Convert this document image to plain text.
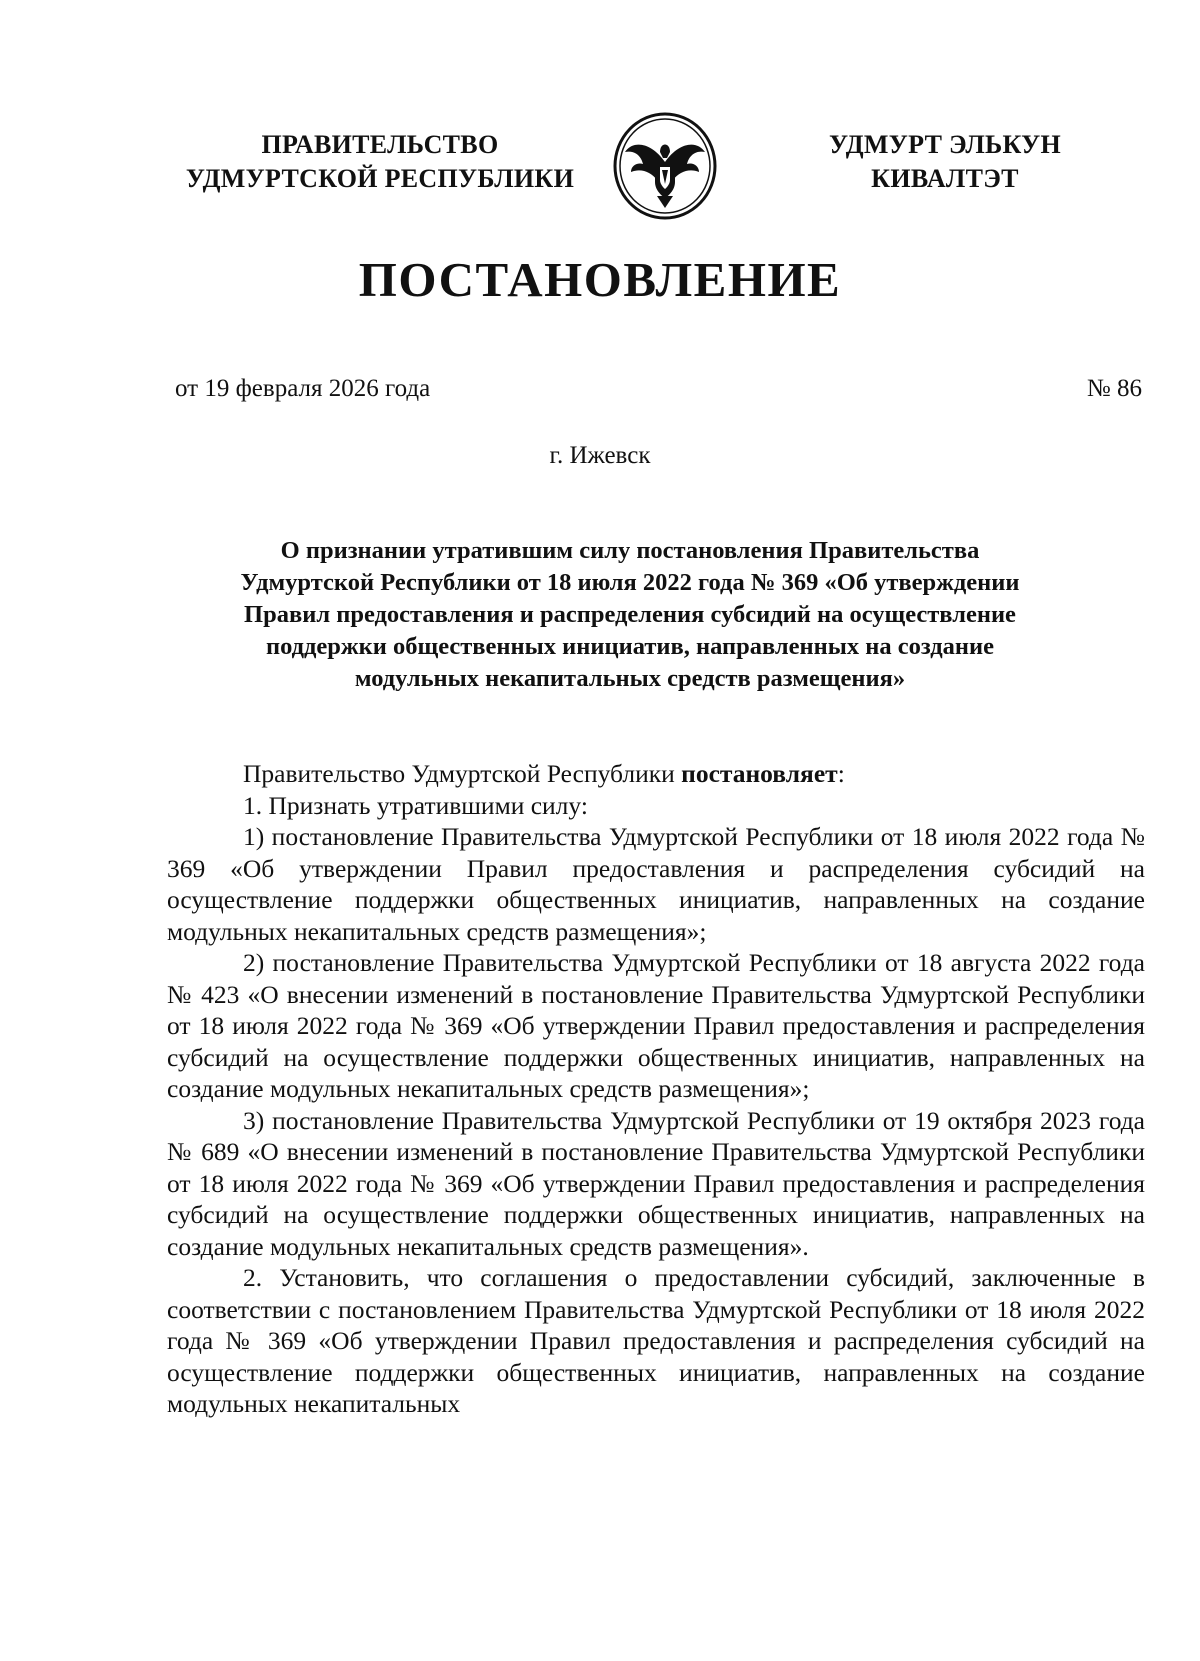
ПРАВИТЕЛЬСТВО
УДМУРТСКОЙ РЕСПУБЛИКИ
УДМУРТ ЭЛЬКУН
КИВАЛТЭТ
ПОСТАНОВЛЕНИЕ
от 19 февраля 2026 года	№ 86
г. Ижевск
О признании утратившим силу постановления Правительства
Удмуртской Республики от 18 июля 2022 года № 369 «Об утверждении
Правил предоставления и распределения субсидий на осуществление
поддержки общественных инициатив, направленных на создание
модульных некапитальных средств размещения»

Правительство Удмуртской Республики постановляет:

1. Признать утратившими силу:

1) постановление Правительства Удмуртской Республики от 18 июля 2022 года № 369 «Об утверждении Правил предоставления и распределения субсидий на осуществление поддержки общественных инициатив, направленных на создание модульных некапитальных средств размещения»;

2) постановление Правительства Удмуртской Республики от 18 августа 2022 года № 423 «О внесении изменений в постановление Правительства Удмуртской Республики от 18 июля 2022 года № 369 «Об утверждении Правил предоставления и распределения субсидий на осуществление поддержки общественных инициатив, направленных на создание модульных некапитальных средств размещения»;

3) постановление Правительства Удмуртской Республики от 19 октября 2023 года № 689 «О внесении изменений в постановление Правительства Удмуртской Республики от 18 июля 2022 года № 369 «Об утверждении Правил предоставления и распределения субсидий на осуществление поддержки общественных инициатив, направленных на создание модульных некапитальных средств размещения».

2. Установить, что соглашения о предоставлении субсидий, заключенные в соответствии с постановлением Правительства Удмуртской Республики от 18 июля 2022 года № 369 «Об утверждении Правил предоставления и распределения субсидий на осуществление поддержки общественных инициатив, направленных на создание модульных некапитальных
